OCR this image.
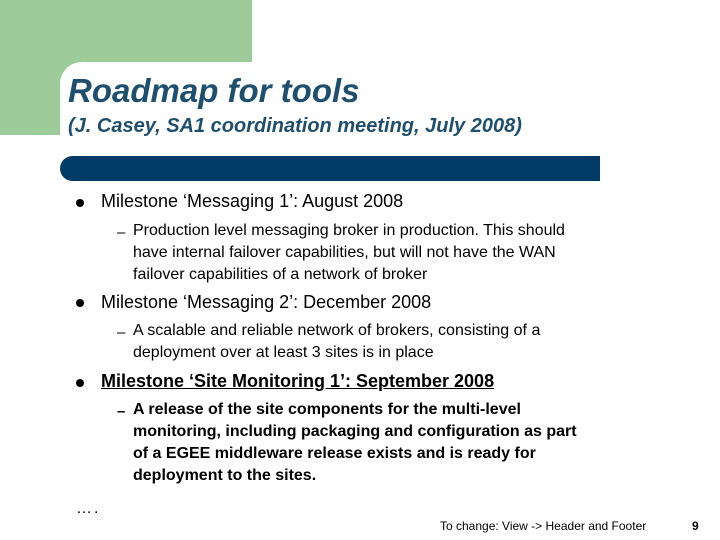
Roadmap for tools
(J. Casey, SA1 coordination meeting, July 2008)
Milestone ‘Messaging 1’: August 2008
– Production level messaging broker in production. This should
have internal failover capabilities, but will not have the WAN
failover capabilities of a network of broker
Milestone ‘Messaging 2’: December 2008
– A scalable and reliable network of brokers, consisting of a
deployment over at least 3 sites is in place
Milestone ‘Site Monitoring 1’: September 2008
– A release of the site components for the multi-level
monitoring, including packaging and configuration as part
of a EGEE middleware release exists and is ready for
deployment to the sites.
….
To change: View -> Header and Footer	9
